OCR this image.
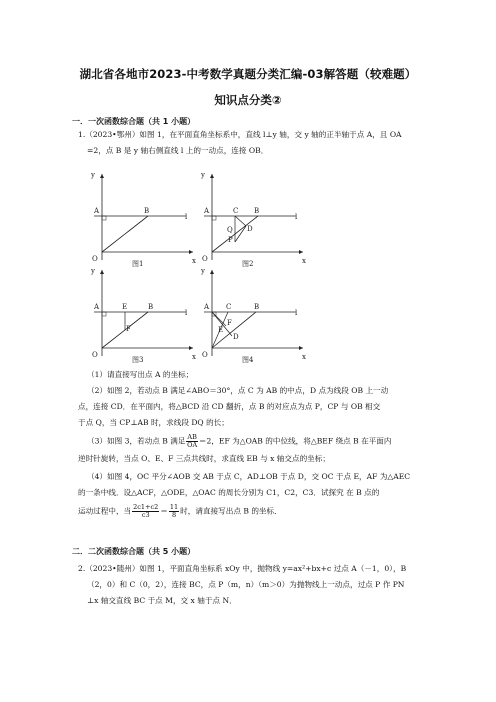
湖北省各地市2023-中考数学真题分类汇编-03解答题（较难题）
知识点分类②
一．一次函数综合题（共 1 小题）
1.（2023•鄂州）如图 1，在平面直角坐标系中，直线 l⊥y 轴，交 y 轴的正半轴于点 A，且 OA
=2，点 B 是 y 轴右侧直线 l 上的一动点，连接 OB．
y
x
A	B
l
O
图1
y
x
A	C B
l
O
Q D
P
图2
y
x
A	E	B
F
l
O
图3
y
x
A C	B
F
E
D
l
O
图4
（1）请直接写出点 A 的坐标；
（2）如图 2，若动点 B 满足∠ABO＝30°，点 C 为 AB 的中点，D 点为线段 OB 上一动
点，连接 CD．在平面内，将△BCD 沿 CD 翻折，点 B 的对应点为点 P，CP 与 OB 相交
于点 Q，当 CP⊥AB 时，求线段 DQ 的长；
（3）如图 3，若动点 B 满足 $\frac{AB}{OA} =2$，EF 为△OAB 的中位线，将△BEF 绕点 B 在平面内
逆时针旋转，当点 O、E、F 三点共线时，求直线 EB 与 x 轴交点的坐标；
（4）如图 4，OC 平分∠AOB 交 AB 于点 C，AD⊥OB 于点 D，交 OC 于点 E，AF 为△AEC
的一条中线．设△ACF，△ODE，△OAC 的周长分别为 C1，C2，C3．试探究 在 B 点的
运动过程中，当 $\frac{2c1+c2}{c3} = \frac{11}{8}$ 时，请直接写出点 B 的坐标．
二．二次函数综合题（共 5 小题）
2.（2023•随州）如图 1，平面直角坐标系 xOy 中，抛物线 y=ax²+bx+c 过点 A（－1，0），B
（2，0）和 C（0，2），连接 BC，点 P（m，n）（m＞0）为抛物线上一动点，过点 P 作 PN
⊥x 轴交直线 BC 于点 M，交 x 轴于点 N．
